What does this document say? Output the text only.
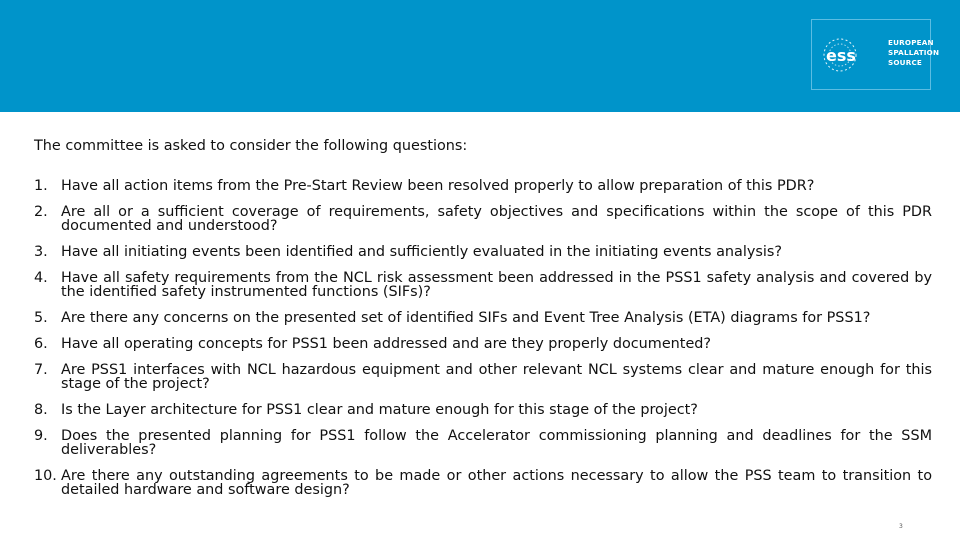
ess
EUROPEAN
SPALLATION
SOURCE

The committee is asked to consider the following questions:

1. Have all action items from the Pre-Start Review been resolved properly to allow preparation of this PDR?
2. Are all or a sufficient coverage of requirements, safety objectives and specifications within the scope of this PDR documented and understood?
3. Have all initiating events been identified and sufficiently evaluated in the initiating events analysis?
4. Have all safety requirements from the NCL risk assessment been addressed in the PSS1 safety analysis and covered by the identified safety instrumented functions (SIFs)?
5. Are there any concerns on the presented set of identified SIFs and Event Tree Analysis (ETA) diagrams for PSS1?
6. Have all operating concepts for PSS1 been addressed and are they properly documented?
7. Are PSS1 interfaces with NCL hazardous equipment and other relevant NCL systems clear and mature enough for this stage of the project?
8. Is the Layer architecture for PSS1 clear and mature enough for this stage of the project?
9. Does the presented planning for PSS1 follow the Accelerator commissioning planning and deadlines for the SSM deliverables?
10. Are there any outstanding agreements to be made or other actions necessary to allow the PSS team to transition to detailed hardware and software design?
3
